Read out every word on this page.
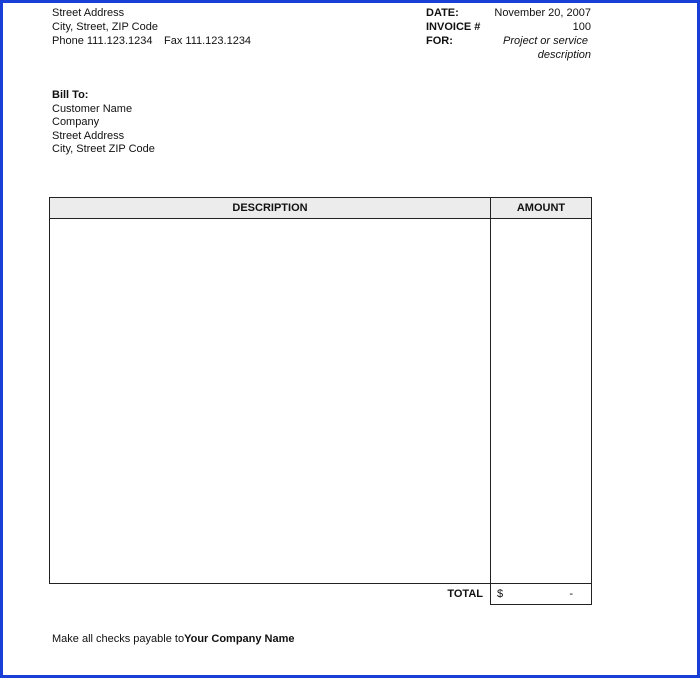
Street Address
City, Street, ZIP Code
Phone 111.123.1234 Fax 111.123.1234
DATE:	November 20, 2007
INVOICE #	100
FOR:	Project or service
description
Bill To:
Customer Name
Company
Street Address
City, Street ZIP Code
DESCRIPTION	AMOUNT
TOTAL $	-
Make all checks payable toYour Company Name
